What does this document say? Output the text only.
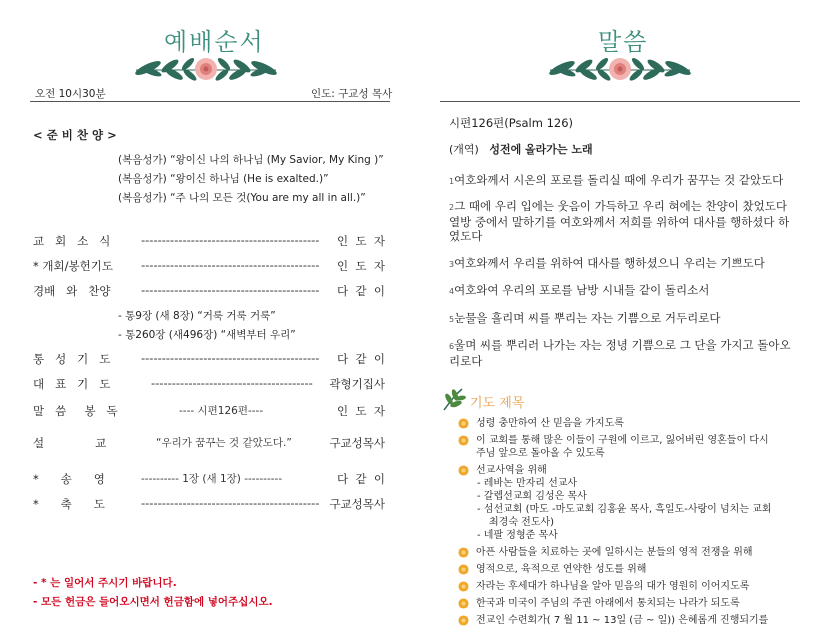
예배순서
오전 10시30분	인도: 구교성 목사
< 준 비 찬 양 >
(복음성가) “왕이신 나의 하나님 (My Savior, My King )”
(복음성가) “왕이신 하나님 (He is exalted.)”
(복음성가) “주 나의 모든 것(You are my all in all.)”
교   회   소   식	------------------------------------------- 인  도  자
* 개회/봉헌기도 ------------------------------------------- 인  도  자
경배   와   찬양	------------------------------------------- 다  같  이
- 통9장 (새 8장) “거룩 거룩 거룩”
- 통260장 (새496장) “새벽부터 우리”
통   성   기   도	------------------------------------------- 다  같  이
대   표   기   도	--------------------------------------- 곽형기집사
말   씀     봉   독	---- 시편126편----	인  도  자
설              교	“우리가 꿈꾸는 것 같았도다.”	구교성목사
*      송      영	---------- 1장 (새 1장) ----------	다  같  이
*      축      도	------------------------------------------- 구교성목사
- * 는 일어서 주시기 바랍니다.
- 모든 헌금은 들어오시면서 헌금함에 넣어주십시오.
말씀
시편126편(Psalm 126)
(개역) 성전에 올라가는 노래
1여호와께서 시온의 포로를 돌리실 때에 우리가 꿈꾸는 것 같았도다
2그 때에 우리 입에는 웃음이 가득하고 우리 혀에는 찬양이 찼었도다 열방 중에서 말하기를 여호와께서 저희를 위하여 대사를 행하셨다 하였도다
3여호와께서 우리를 위하여 대사를 행하셨으니 우리는 기쁘도다
4여호와여 우리의 포로를 남방 시내들 같이 돌리소서
5눈물을 흘리며 씨를 뿌리는 자는 기쁨으로 거두리로다
6울며 씨를 뿌리러 나가는 자는 정녕 기쁨으로 그 단을 가지고 돌아오리로다
기도 제목
성령 충만하여 산 믿음을 가지도록
이 교회를 통해 많은 이들이 구원에 이르고, 잃어버린 영혼들이 다시
주님 앞으로 돌아올 수 있도록
선교사역을 위해
- 레바논 만자리 선교사
- 갈렙선교회 김성은 목사
- 섬선교회 (마도 -마도교회 김홍윤 목사, 흑일도-사랑이 넘치는 교회
최경숙 전도사)
- 네팔 정형준 목사
아픈 사람들을 치료하는 곳에 일하시는 분들의 영적 전쟁을 위해
영적으로, 육적으로 연약한 성도를 위해
자라는 후세대가 하나님을 알아 믿음의 대가 영원히 이어지도록
한국과 미국이 주님의 주권 아래에서 통치되는 나라가 되도록
전교인 수련회가( 7 월 11 ~ 13일 (금 ~ 일)) 은혜롭게 진행되기를
